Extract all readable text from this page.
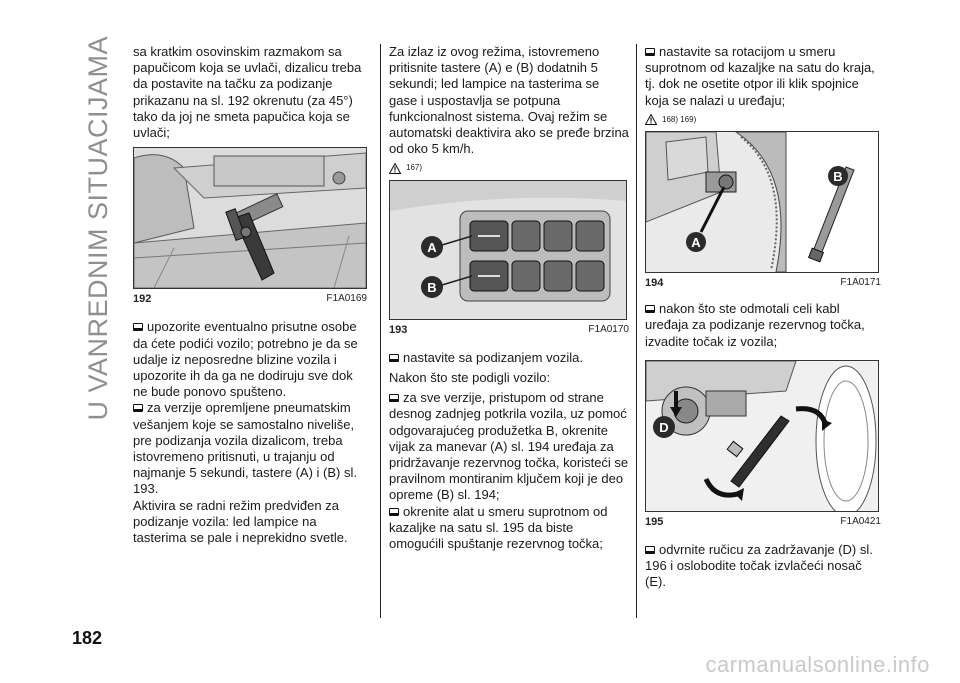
U VANREDNIM SITUACIJAMA
182

sa kratkim osovinskim razmakom sa papučicom koja se uvlači, dizalicu treba da postavite na tačku za podizanje prikazanu na sl. 192 okrenutu (za 45°) tako da joj ne smeta papučica koja se uvlači;

192	F1A0169

upozorite eventualno prisutne osobe da ćete podići vozilo; potrebno je da se udalje iz neposredne blizine vozila i upozorite ih da ga ne dodiruju sve dok ne bude ponovo spušteno.

za verzije opremljene pneumatskim vešanjem koje se samostalno niveliše, pre podizanja vozila dizalicom, treba istovremeno pritisnuti, u trajanju od najmanje 5 sekundi, tastere (A) i (B) sl. 193.

Aktivira se radni režim predviđen za podizanje vozila: led lampice na tasterima se pale i neprekidno svetle.

Za izlaz iz ovog režima, istovremeno pritisnite tastere (A) e (B) dodatnih 5 sekundi; led lampice na tasterima se gase i uspostavlja se potpuna funkcionalnost sistema. Ovaj režim se automatski deaktivira ako se pređe brzina od oko 5 km/h.

167)
A
B
193	F1A0170

nastavite sa podizanjem vozila.

Nakon što ste podigli vozilo:

za sve verzije, pristupom od strane desnog zadnjeg potkrila vozila, uz pomoć odgovarajućeg produžetka B, okrenite vijak za manevar (A) sl. 194 uređaja za pridržavanje rezervnog točka, koristeći se pravilnom montiranim ključem koji je deo opreme (B) sl. 194;

okrenite alat u smeru suprotnom od kazaljke na satu sl. 195 da biste omogućili spuštanje rezervnog točka;

nastavite sa rotacijom u smeru suprotnom od kazaljke na satu do kraja, tj. dok ne osetite otpor ili klik spojnice koja se nalazi u uređaju;

168) 169)
A
B
194	F1A0171

nakon što ste odmotali celi kabl uređaja za podizanje rezervnog točka, izvadite točak iz vozila;

D
195	F1A0421

odvrnite ručicu za zadržavanje (D) sl. 196 i oslobodite točak izvlačeći nosač (E).

carmanualsonline.info
